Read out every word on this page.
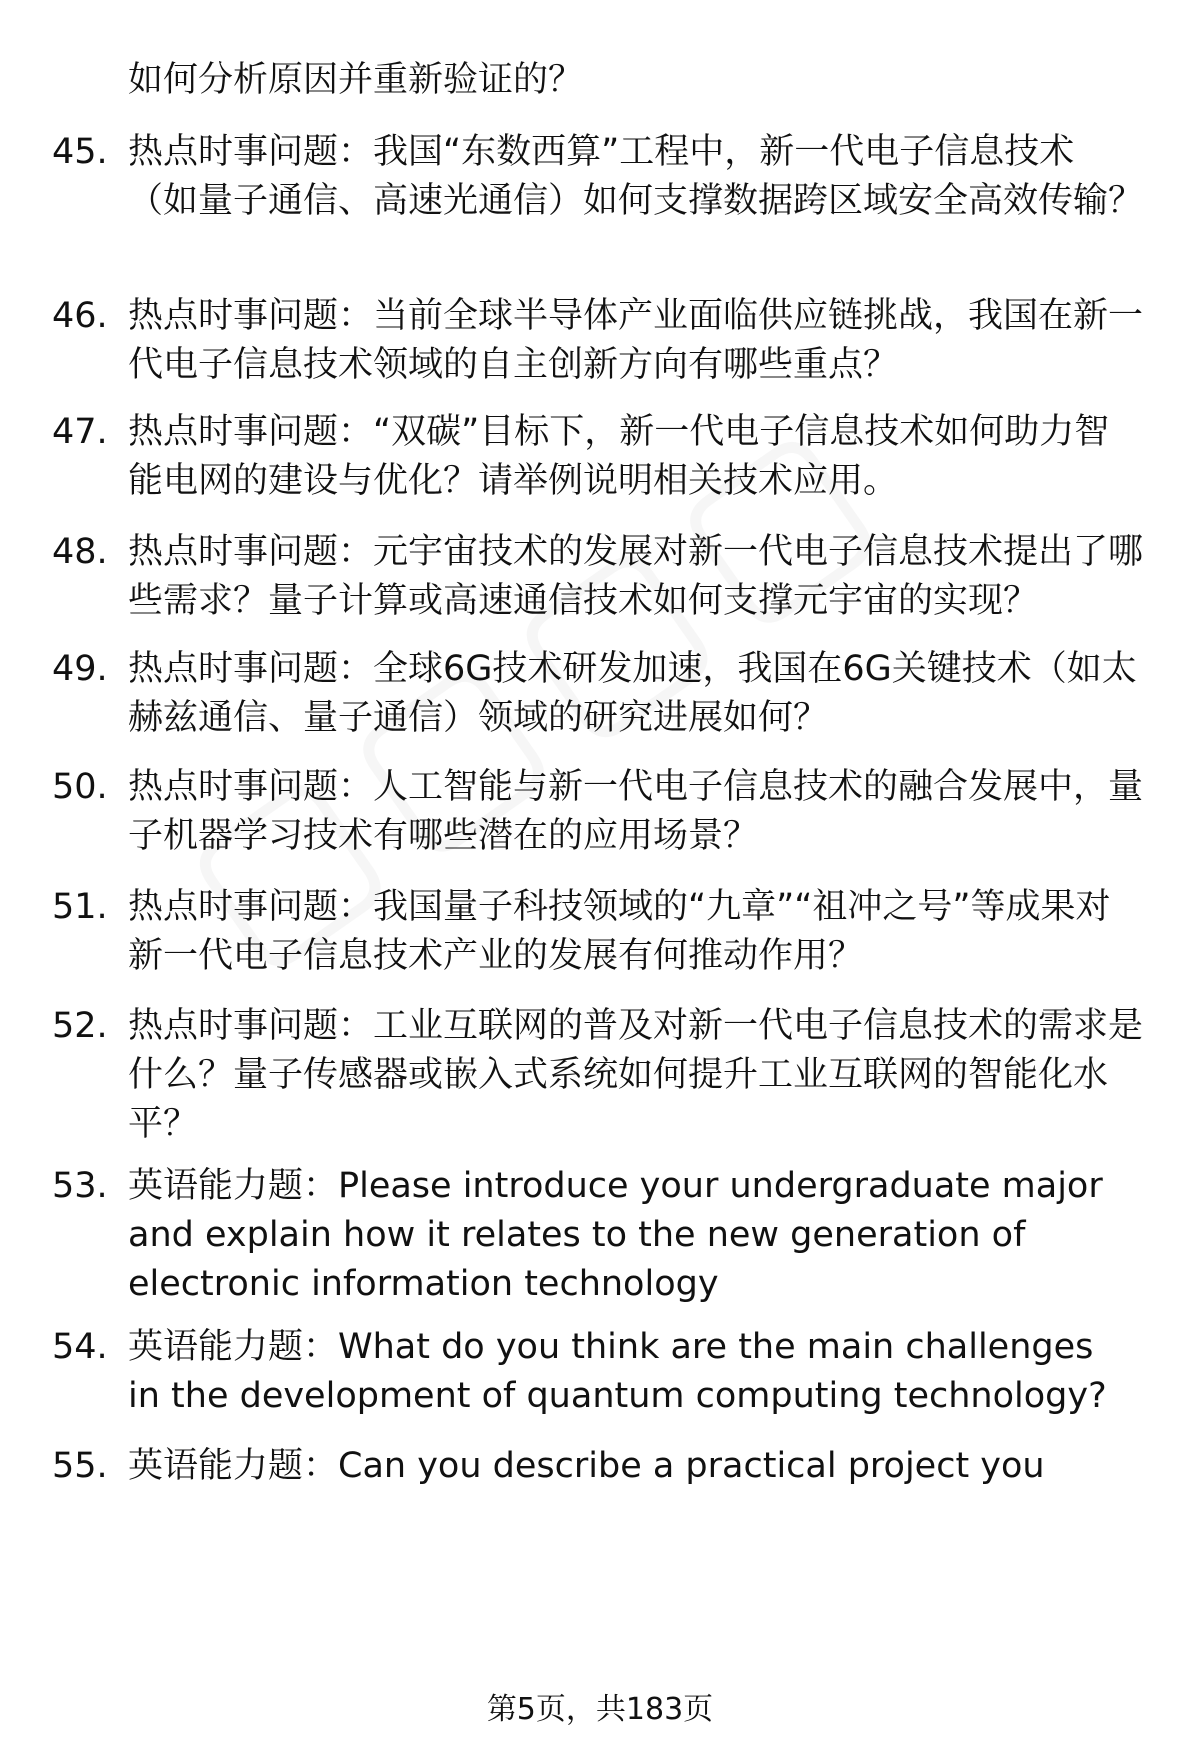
如何分析原因并重新验证的？
45. 热点时事问题：我国“东数西算”工程中，新一代电子信息技术（如量子通信、高速光通信）如何支撑数据跨区域安全高效传输？
46. 热点时事问题：当前全球半导体产业面临供应链挑战，我国在新一代电子信息技术领域的自主创新方向有哪些重点？
47. 热点时事问题：“双碳”目标下，新一代电子信息技术如何助力智能电网的建设与优化？请举例说明相关技术应用。
48. 热点时事问题：元宇宙技术的发展对新一代电子信息技术提出了哪些需求？量子计算或高速通信技术如何支撑元宇宙的实现？
49. 热点时事问题：全球6G技术研发加速，我国在6G关键技术（如太赫兹通信、量子通信）领域的研究进展如何？
50. 热点时事问题：人工智能与新一代电子信息技术的融合发展中，量子机器学习技术有哪些潜在的应用场景？
51. 热点时事问题：我国量子科技领域的“九章”“祖冲之号”等成果对新一代电子信息技术产业的发展有何推动作用？
52. 热点时事问题：工业互联网的普及对新一代电子信息技术的需求是什么？量子传感器或嵌入式系统如何提升工业互联网的智能化水平？
53. 英语能力题：Please introduce your undergraduate major and explain how it relates to the new generation of electronic information technology
54. 英语能力题：What do you think are the main challenges in the development of quantum computing technology?
55. 英语能力题：Can you describe a practical project you
第5页，共183页
